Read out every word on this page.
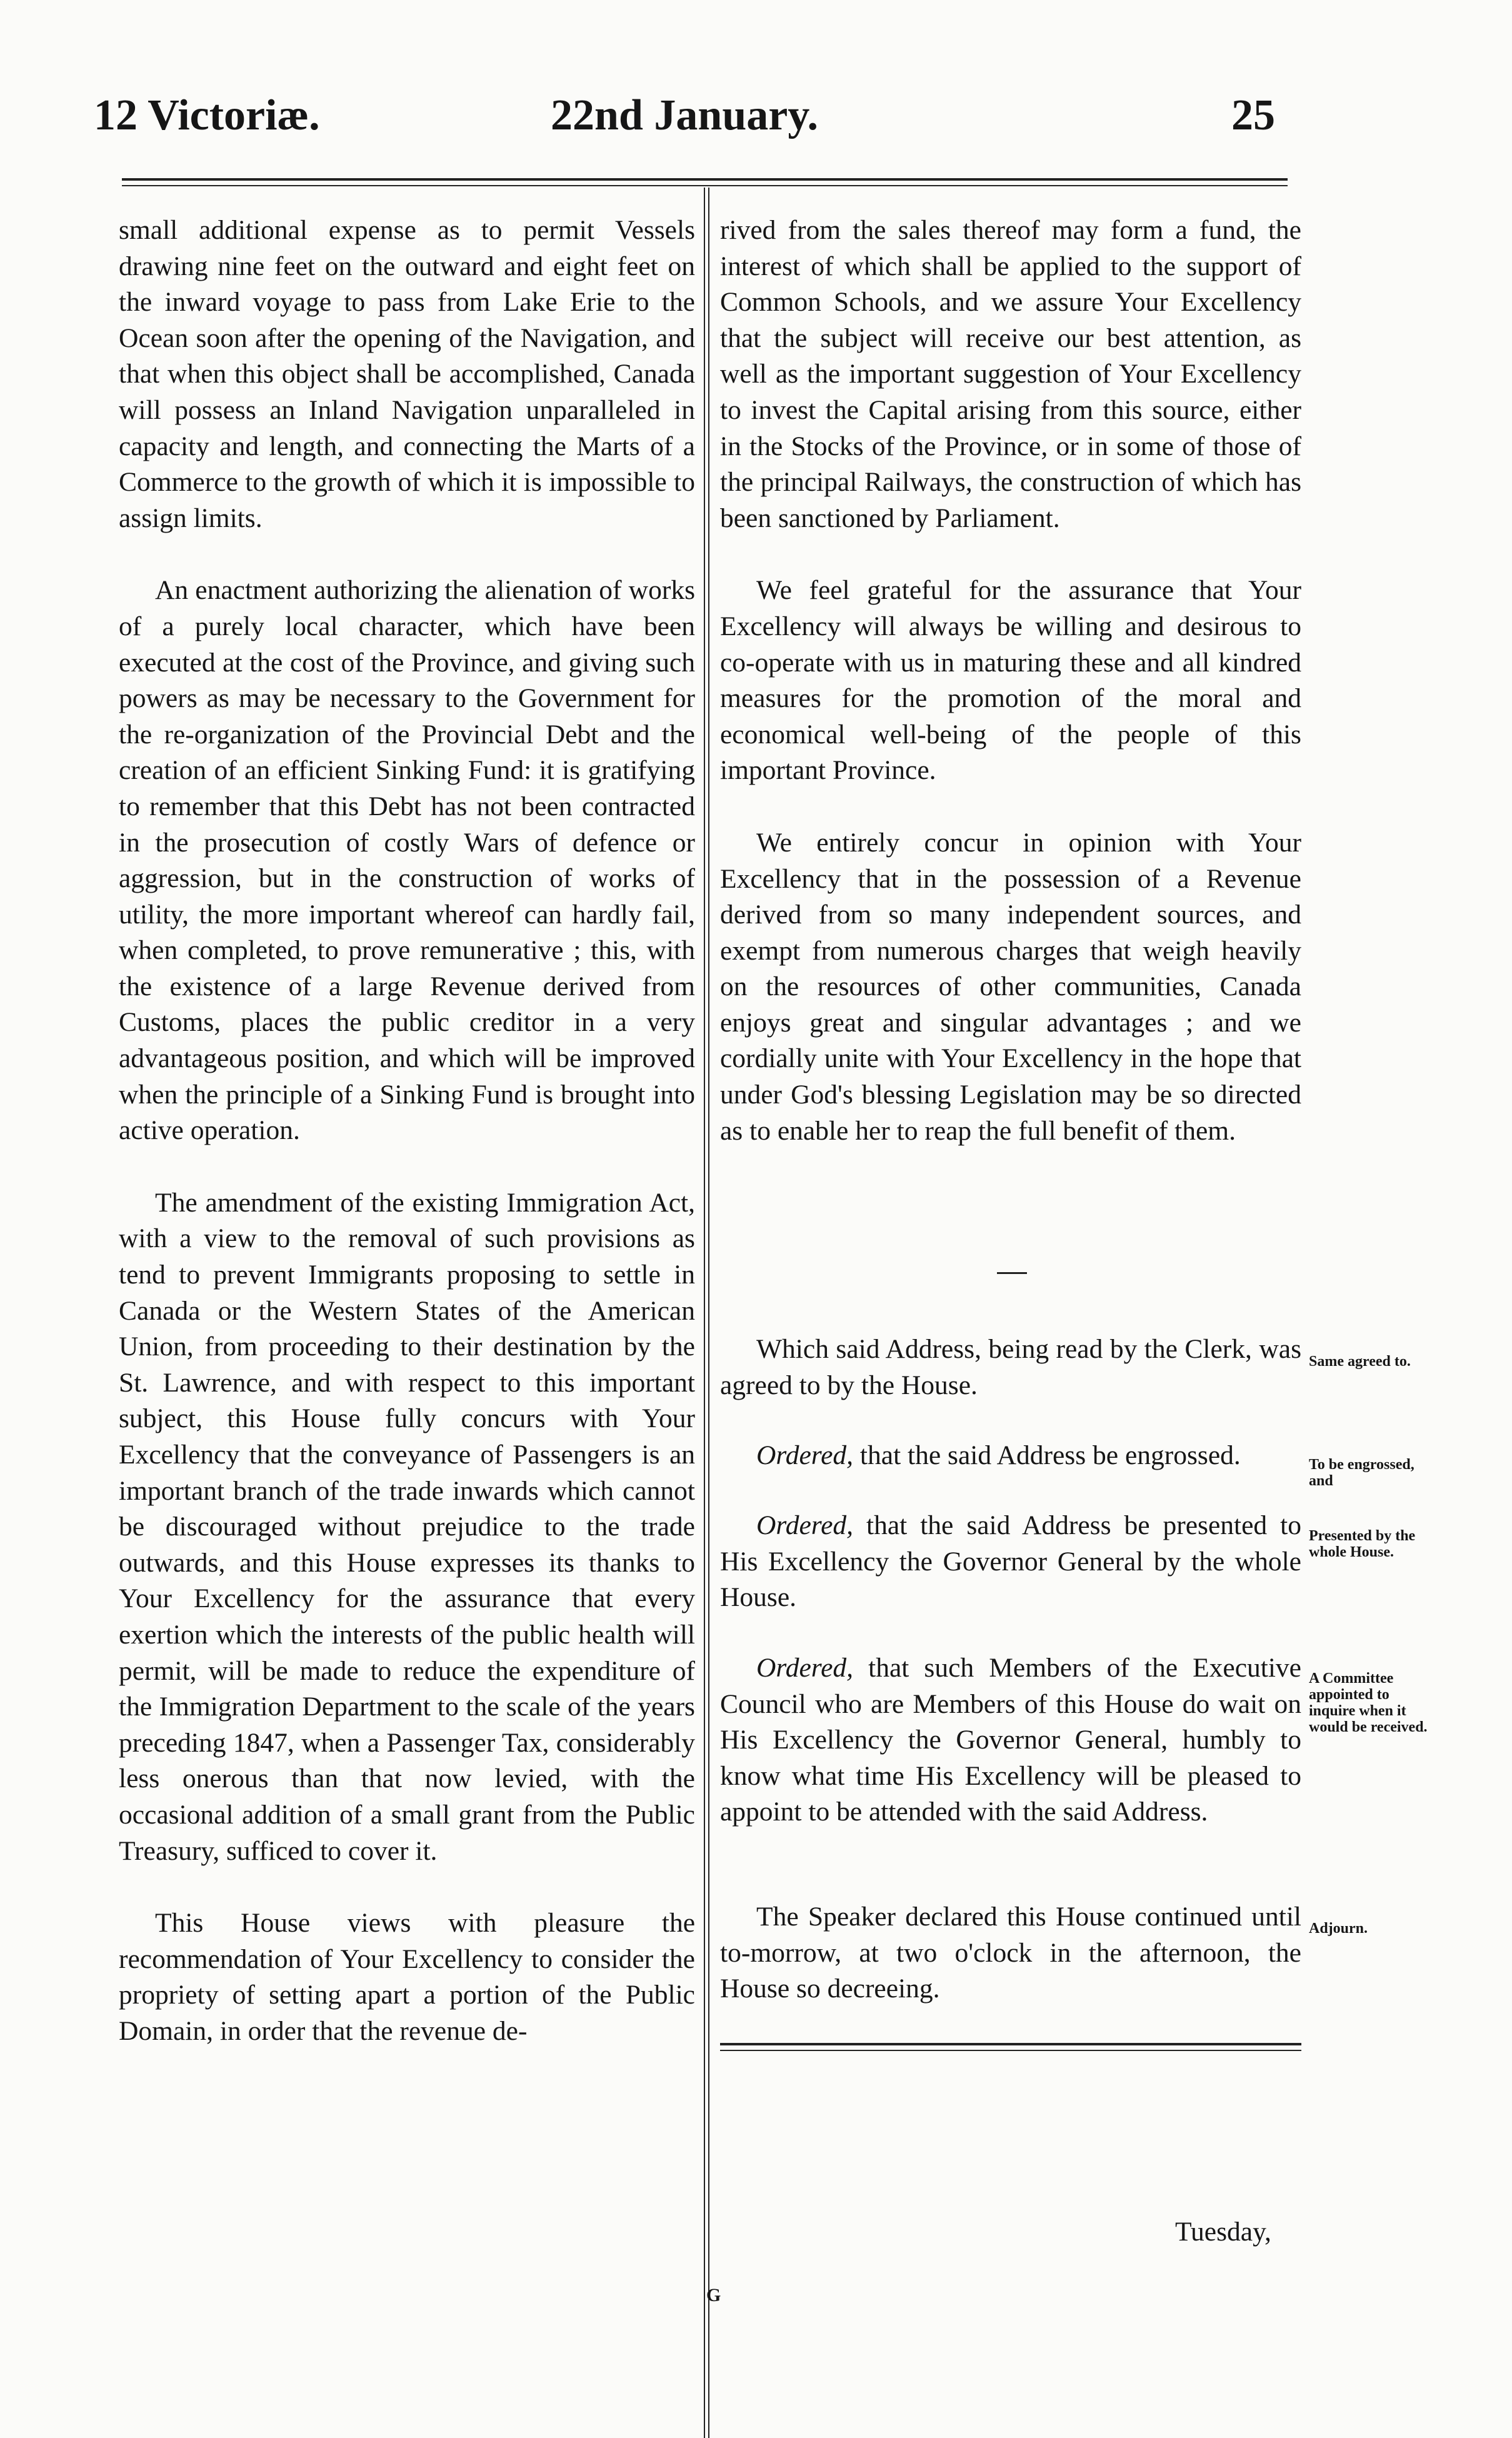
12 Victoriæ.	22nd January.	25

small additional expense as to permit Vessels drawing nine feet on the outward and eight feet on the inward voyage to pass from Lake Erie to the Ocean soon after the opening of the Navigation, and that when this object shall be accomplished, Canada will possess an Inland Navigation unparalleled in capacity and length, and connecting the Marts of a Commerce to the growth of which it is impossible to assign limits.

An enactment authorizing the alienation of works of a purely local character, which have been executed at the cost of the Province, and giving such powers as may be necessary to the Government for the re-organization of the Provincial Debt and the creation of an efficient Sinking Fund: it is gratifying to remember that this Debt has not been contracted in the prosecution of costly Wars of defence or aggression, but in the construction of works of utility, the more important whereof can hardly fail, when completed, to prove remunerative ; this, with the existence of a large Revenue derived from Customs, places the public creditor in a very advantageous position, and which will be improved when the principle of a Sinking Fund is brought into active operation.

The amendment of the existing Immigration Act, with a view to the removal of such provisions as tend to prevent Immigrants proposing to settle in Canada or the Western States of the American Union, from proceeding to their destination by the St. Lawrence, and with respect to this important subject, this House fully concurs with Your Excellency that the conveyance of Passengers is an important branch of the trade inwards which cannot be discouraged without prejudice to the trade outwards, and this House expresses its thanks to Your Excellency for the assurance that every exertion which the interests of the public health will permit, will be made to reduce the expenditure of the Immigration Department to the scale of the years preceding 1847, when a Passenger Tax, considerably less onerous than that now levied, with the occasional addition of a small grant from the Public Treasury, sufficed to cover it.

This House views with pleasure the recommendation of Your Excellency to consider the propriety of setting apart a portion of the Public Domain, in order that the revenue de-

rived from the sales thereof may form a fund, the interest of which shall be applied to the support of Common Schools, and we assure Your Excellency that the subject will receive our best attention, as well as the important suggestion of Your Excellency to invest the Capital arising from this source, either in the Stocks of the Province, or in some of those of the principal Railways, the construction of which has been sanctioned by Parliament.

We feel grateful for the assurance that Your Excellency will always be willing and desirous to co-operate with us in maturing these and all kindred measures for the promotion of the moral and economical well-being of the people of this important Province.

We entirely concur in opinion with Your Excellency that in the possession of a Revenue derived from so many independent sources, and exempt from numerous charges that weigh heavily on the resources of other communities, Canada enjoys great and singular advantages ; and we cordially unite with Your Excellency in the hope that under God's blessing Legislation may be so directed as to enable her to reap the full benefit of them.

Which said Address, being read by the Clerk, was agreed to by the House.

Same agreed to.

Ordered, that the said Address be engrossed.	To be engrossed, and

Ordered, that the said Address be presented to His Excellency the Governor General by the whole House.

Presented by the whole House.

Ordered, that such Members of the Executive Council who are Members of this House do wait on His Excellency the Governor General, humbly to know what time His Excellency will be pleased to appoint to be attended with the said Address.

A Committee appointed to inquire when it would be received.

The Speaker declared this House continued until to-morrow, at two o'clock in the afternoon, the House so decreeing.

Adjourn.
Tuesday,
G
